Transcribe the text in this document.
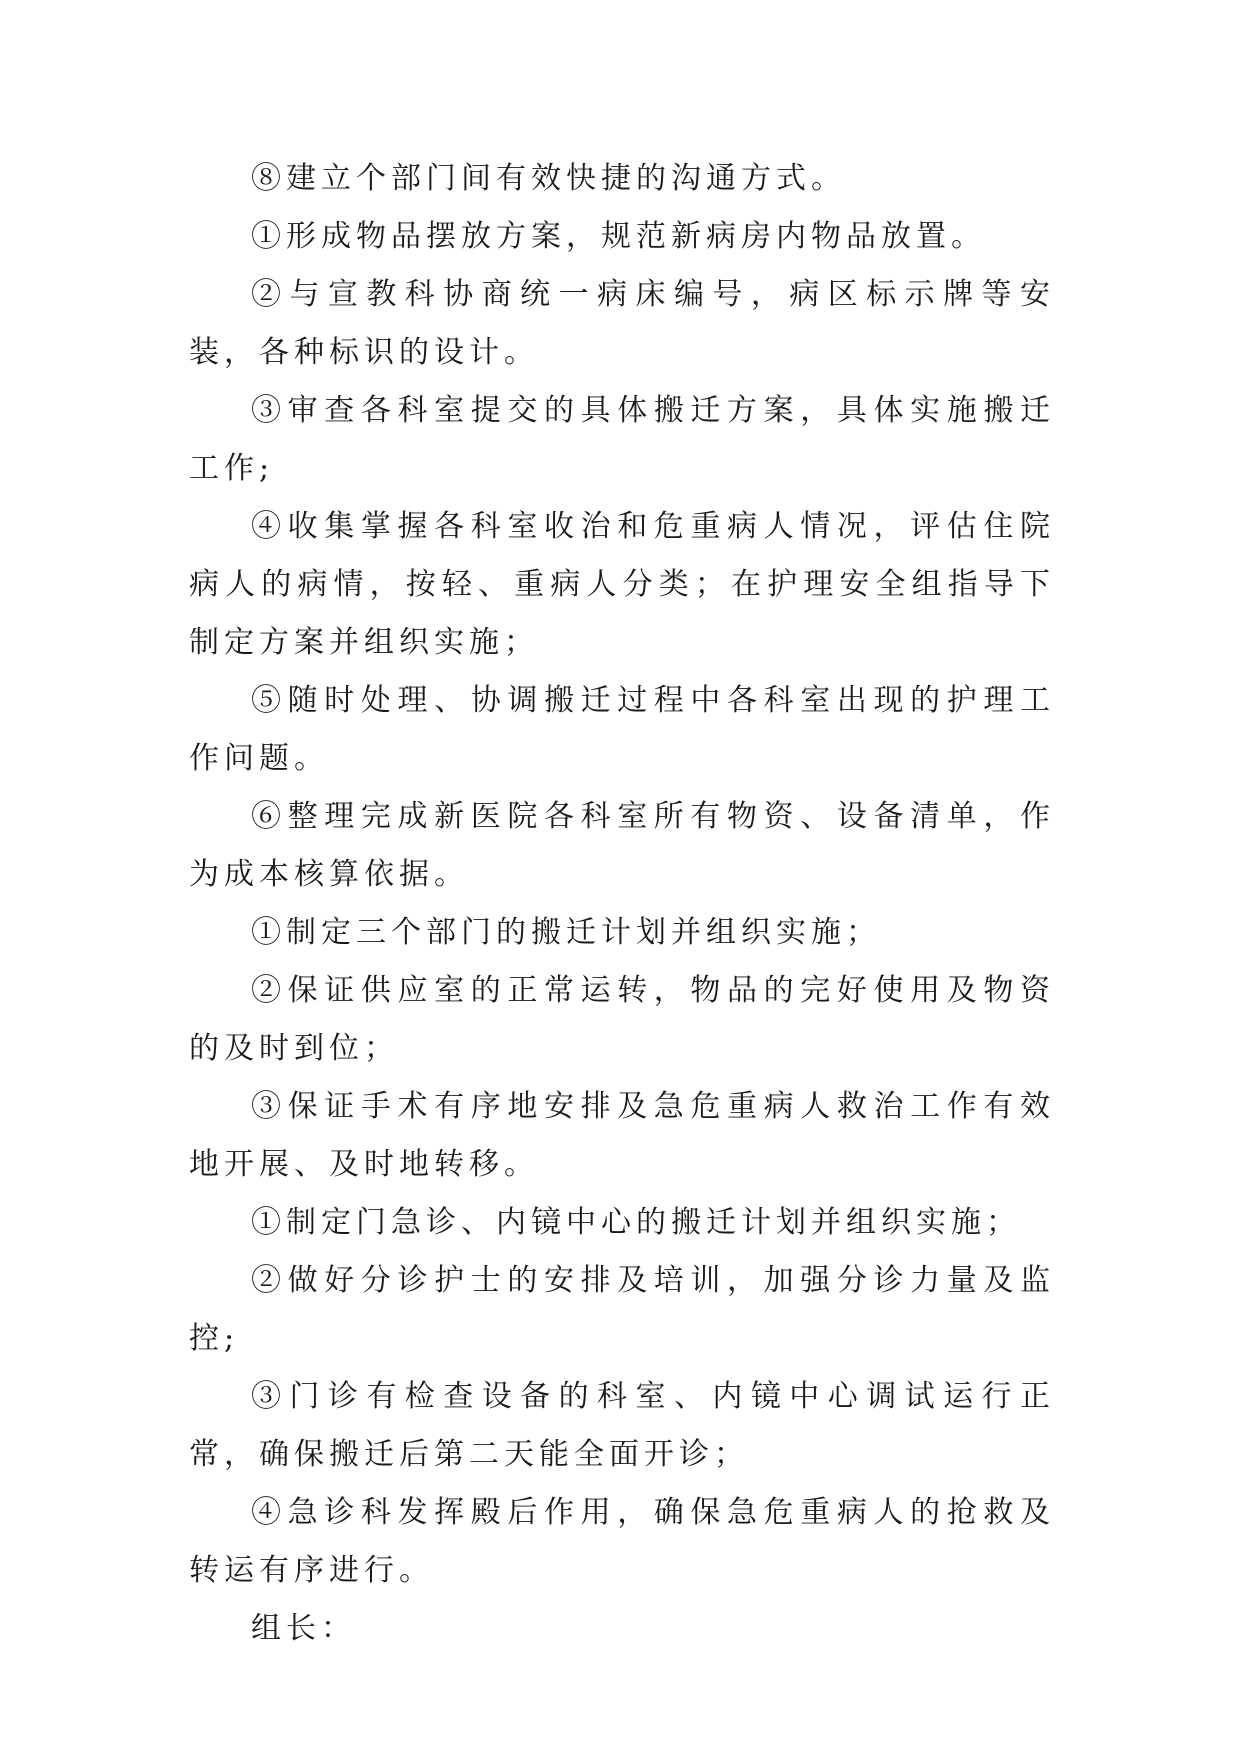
⑧建立个部门间有效快捷的沟通方式。

①形成物品摆放方案，规范新病房内物品放置。

②与宣教科协商统一病床编号，病区标示牌等安装，各种标识的设计。

③审查各科室提交的具体搬迁方案，具体实施搬迁工作;

④收集掌握各科室收治和危重病人情况，评估住院病人的病情，按轻、重病人分类；在护理安全组指导下制定方案并组织实施；

⑤随时处理、协调搬迁过程中各科室出现的护理工作问题。

⑥整理完成新医院各科室所有物资、设备清单，作为成本核算依据。

①制定三个部门的搬迁计划并组织实施；

②保证供应室的正常运转，物品的完好使用及物资的及时到位；

③保证手术有序地安排及急危重病人救治工作有效地开展、及时地转移。

①制定门急诊、内镜中心的搬迁计划并组织实施；

②做好分诊护士的安排及培训，加强分诊力量及监控;

③门诊有检查设备的科室、内镜中心调试运行正常，确保搬迁后第二天能全面开诊；

④急诊科发挥殿后作用，确保急危重病人的抢救及转运有序进行。

组长：
